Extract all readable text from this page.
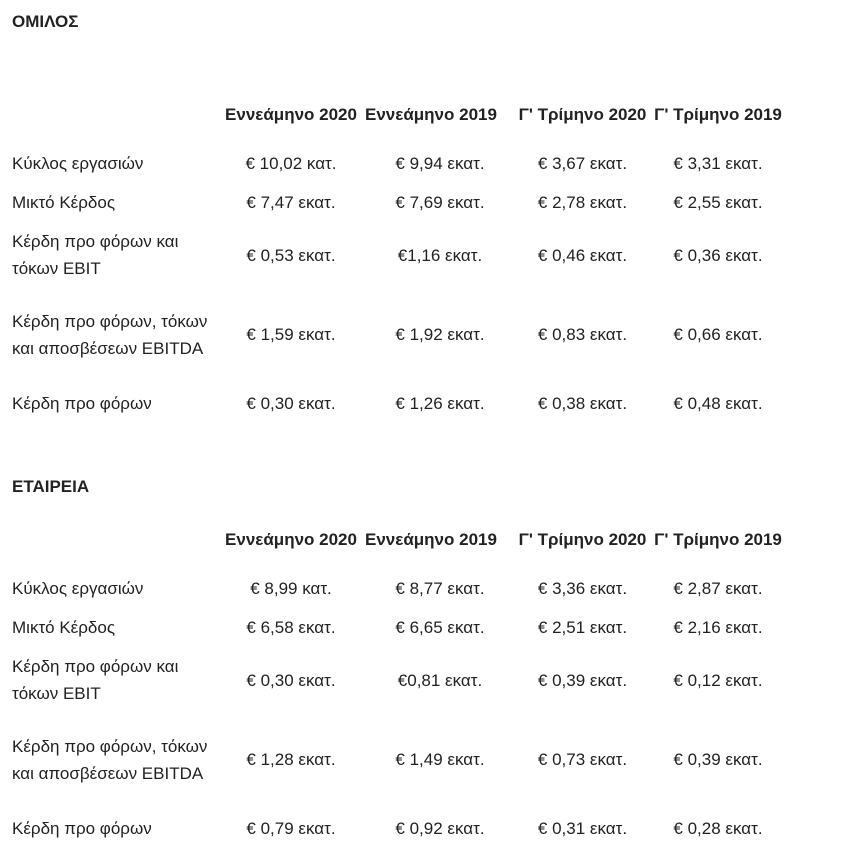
ΟΜΙΛΟΣ
	Εννεάμηνο 2020	Εννεάμηνο 2019	Γ' Τρίμηνο 2020	Γ' Τρίμηνο 2019
Κύκλος εργασιών	€ 10,02 κατ.	€ 9,94 εκατ.	€ 3,67 εκατ.	€ 3,31 εκατ.
Μικτό Κέρδος	€ 7,47 εκατ.	€ 7,69 εκατ.	€ 2,78 εκατ.	€ 2,55 εκατ.
Κέρδη προ φόρων και τόκων EBIT	€ 0,53 εκατ.	€1,16 εκατ.	€ 0,46 εκατ.	€ 0,36 εκατ.
Κέρδη προ φόρων, τόκων και αποσβέσεων EBITDA	€ 1,59 εκατ.	€ 1,92 εκατ.	€ 0,83 εκατ.	€ 0,66 εκατ.
Κέρδη προ φόρων	€ 0,30 εκατ.	€ 1,26 εκατ.	€ 0,38 εκατ.	€ 0,48 εκατ.
ΕΤΑΙΡΕΙΑ
	Εννεάμηνο 2020	Εννεάμηνο 2019	Γ' Τρίμηνο 2020	Γ' Τρίμηνο 2019
Κύκλος εργασιών	€ 8,99 κατ.	€ 8,77 εκατ.	€ 3,36 εκατ.	€ 2,87 εκατ.
Μικτό Κέρδος	€ 6,58 εκατ.	€ 6,65 εκατ.	€ 2,51 εκατ.	€ 2,16 εκατ.
Κέρδη προ φόρων και τόκων EBIT	€ 0,30 εκατ.	€0,81 εκατ.	€ 0,39 εκατ.	€ 0,12 εκατ.
Κέρδη προ φόρων, τόκων και αποσβέσεων EBITDA	€ 1,28 εκατ.	€ 1,49 εκατ.	€ 0,73 εκατ.	€ 0,39 εκατ.
Κέρδη προ φόρων	€ 0,79 εκατ.	€ 0,92 εκατ.	€ 0,31 εκατ.	€ 0,28 εκατ.
